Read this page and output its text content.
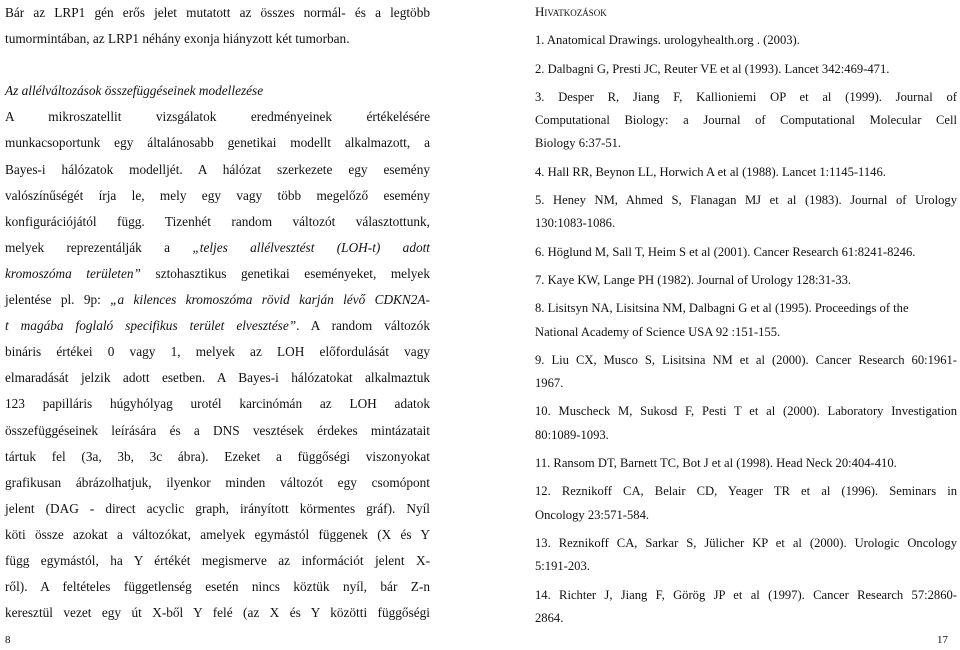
Bár az LRP1 gén erős jelet mutatott az összes normál- és a legtöbb
tumormintában, az LRP1 néhány exonja hiányzott két tumorban.

Az allélváltozások összefüggéseinek modellezése
A mikroszatellit vizsgálatok eredményeinek értékelésére
munkacsoportunk egy általánosabb genetikai modellt alkalmazott, a
Bayes-i hálózatok modelljét. A hálózat szerkezete egy esemény
valószínűségét írja le, mely egy vagy több megelőző esemény
konfigurációjától függ. Tizenhét random változót választottunk,
melyek reprezentálják a „teljes allélvesztést (LOH-t) adott
kromoszóma területen” sztohasztikus genetikai eseményeket, melyek
jelentése pl. 9p: „a kilences kromoszóma rövid karján lévő CDKN2A-
t magába foglaló specifikus terület elvesztése”. A random változók
bináris értékei 0 vagy 1, melyek az LOH előfordulását vagy
elmaradását jelzik adott esetben. A Bayes-i hálózatokat alkalmaztuk
123 papilláris húgyhólyag urotél karcinómán az LOH adatok
összefüggéseinek leírására és a DNS vesztések érdekes mintázatait
tártuk fel (3a, 3b, 3c ábra). Ezeket a függőségi viszonyokat
grafikusan ábrázolhatjuk, ilyenkor minden változót egy csomópont
jelent (DAG - direct acyclic graph, irányított körmentes gráf). Nyíl
köti össze azokat a változókat, amelyek egymástól függenek (X és Y
függ egymástól, ha Y értékét megismerve az információt jelent X-
ről). A feltételes függetlenség esetén nincs köztük nyíl, bár Z-n
keresztül vezet egy út X-ből Y felé (az X és Y közötti függőségi
8
Hivatkozások
1. Anatomical Drawings. urologyhealth.org . (2003).
2. Dalbagni G, Presti JC, Reuter VE et al (1993). Lancet 342:469-471.
3. Desper R, Jiang F, Kallioniemi OP et al (1999). Journal of
Computational Biology: a Journal of Computational Molecular Cell
Biology 6:37-51.
4. Hall RR, Beynon LL, Horwich A et al (1988). Lancet 1:1145-1146.
5. Heney NM, Ahmed S, Flanagan MJ et al (1983). Journal of Urology
130:1083-1086.
6. Höglund M, Sall T, Heim S et al (2001). Cancer Research 61:8241-8246.
7. Kaye KW, Lange PH (1982). Journal of Urology 128:31-33.
8. Lisitsyn NA, Lisitsina NM, Dalbagni G et al (1995). Proceedings of the
National Academy of Science USA 92 :151-155.
9. Liu CX, Musco S, Lisitsina NM et al (2000). Cancer Research 60:1961-
1967.
10. Muscheck M, Sukosd F, Pesti T et al (2000). Laboratory Investigation
80:1089-1093.
11. Ransom DT, Barnett TC, Bot J et al (1998). Head Neck 20:404-410.
12. Reznikoff CA, Belair CD, Yeager TR et al (1996). Seminars in
Oncology 23:571-584.
13. Reznikoff CA, Sarkar S, Jülicher KP et al (2000). Urologic Oncology
5:191-203.
14. Richter J, Jiang F, Görög JP et al (1997). Cancer Research 57:2860-
2864.
17
